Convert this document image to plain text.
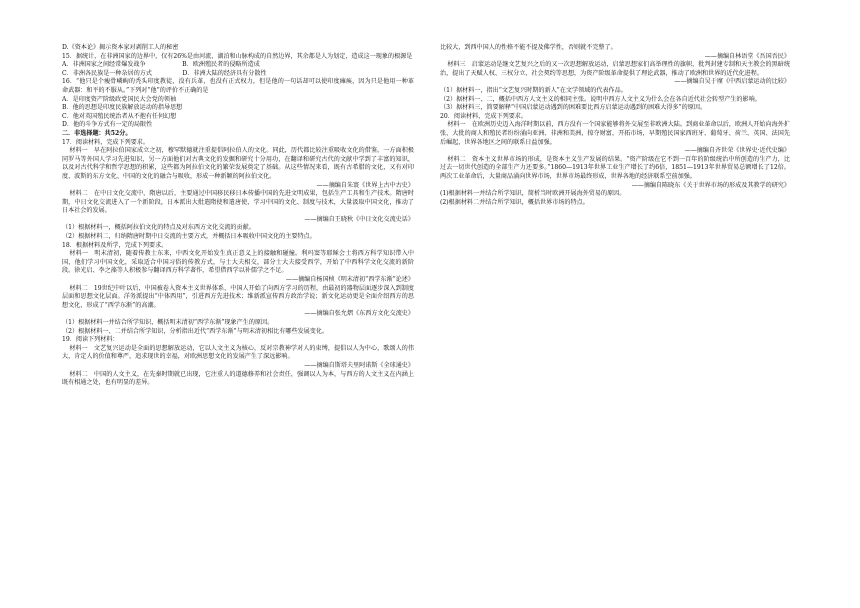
D.《资本论》揭示资本家对剥削工人的秘密

15．据统计，在非洲国家的边界中，仅有26%是由河流、湖泊和山脉构成的自然边界，其余都是人为划定，造成这一现象的根源是

A．非洲国家之间经常爆发战争　　　　　　B．欧洲殖民者的侵略所造成

C．非洲各民族是一种杂居的方式　　　　　D．非洲大陆的经济具有分散性

16．“他只是个瘦骨嶙峋的秃头印度教徒，没有兵革，也没有正式权力，但是他的一句话却可以使印度瘫痪，因为只是他用一种革命武器：和平的不服从。”下列对“他”的评价不正确的是

A．是印度资产阶级政党国民大会党的领袖

B．他的思想是印度民族解放运动的指导思想

C．他对英国殖民统治者从不抱有任何幻想

D．他的斗争方式有一定的局限性

二．非选择题：共52分。

17．阅读材料，完成下列要求。

材料一　早在阿拉伯国家成立之初，穆罕默德就注重提倡阿拉伯人的文化。同此，历代都比较注重吸收文化的借鉴。一方面积极同罗马等外国人学习先进知识，另一方面他们对古典文化的发掘和研究十分用功，在翻译和研究古代的文献中学到了丰富的知识，以及对古代科学和哲学思想的积累，这些都为阿拉伯文化的繁荣发展奠定了基础。从这些情况来看，既有古希腊的文化，又有对印度、波斯的东方文化、中国的文化的融合与吸收，形成一种新颖的阿拉伯文化。

——摘编自朱寰《世界上古中古史》

材料二　在中日文化交流中，隋唐以后，主要通过中国移民移日本传播中国的先进文明成果，包括生产工具和生产技术。隋唐时期，中日文化交流进入了一个新阶段，日本派出大批遣隋使和遣唐使，学习中国的文化、制度与技术，大量汲取中国文化，推动了日本社会的发展。

——摘编自王晓秋《中日文化交流史话》

（1）根据材料一，概括阿拉伯文化的特点及对东西方文化交流的贡献。

（2）根据材料二，归纳隋唐时期中日交流的主要方式，并概括日本吸收中国文化的主要特点。

18．根据材料及所学，完成下列要求。

材料一　明末清初，随着传教士东来，中西文化开始发生真正意义上的接触和碰撞。利玛窦等耶稣会士将西方科学知识带入中国，他们学习中国文化，采取适合中国习俗的传教方式，与士大夫相交，部分士大夫接受西学，开始了中西科学文化交流的新阶段。徐光启、李之藻等人积极参与翻译西方科学著作，希望借西学以补儒学之不足。

——摘编自杨国桢《明末清初“西学东渐”论述》

材料二　19世纪中叶以后，中国被卷入资本主义世界体系，中国人开始了向西方学习的历程，由最初的器物层面逐步深入到制度层面和思想文化层面。洋务派提出“中体西用”，引进西方先进技术；维新派宣传西方政治学说；新文化运动更是全面介绍西方的思想文化，形成了“西学东渐”的高潮。

——摘编自张允熠《东西方文化交流史》

（1）根据材料一并结合所学知识，概括明末清初“西学东渐”现象产生的原因。

（2）根据材料一、二并结合所学知识，分析指出近代“西学东渐”与明末清初相比有哪些发展变化。

19．阅读下列材料：

材料一　文艺复兴运动是全面的思想解放运动，它以人文主义为核心，反对宗教神学对人的束缚，提倡以人为中心，歌颂人的伟大，肯定人的价值和尊严，追求现世的幸福，对欧洲思想文化的发展产生了深远影响。

——摘编自斯塔夫里阿诺斯《全球通史》

材料二　中国的人文主义，在先秦时期就已出现，它注重人的道德修养和社会责任，强调以人为本，与西方的人文主义在内涵上既有相通之处，也有明显的差异。

比较大，到西中国人的性格不能不提及佛学性，否则就不完整了。

——摘编自林语堂《吾国吾民》

材料三　启蒙运动是继文艺复兴之后的又一次思想解放运动，启蒙思想家们高举理性的旗帜，批判封建专制和天主教会的黑暗统治，提出了天赋人权、三权分立、社会契约等思想，为资产阶级革命提供了理论武器，推动了欧洲和世界的近代化进程。

——摘编自吴于廑《中西启蒙运动的比较》

（1）据材料一，指出“文艺复兴时期的新人”在文学领域的代表作品。

（2）据材料一、二，概括中西方人文主义的相同主张。说明中西方人文主义为什么会在各自近代社会转型产生的影响。

（3）据材料三，简要解释“中国启蒙运动遇到的困难要比西方启蒙运动遇到的困难大得多”的原因。

20．阅读材料，完成下列要求。

材料一　在欧洲历史迈入海洋时期以前，西方没有一个国家能够将外交展至非欧洲大陆。到商业革命以后，欧洲人开始向海外扩张，大批的商人和殖民者纷纷涌向亚洲、非洲和美洲，掠夺财富，开拓市场，早期殖民国家西班牙、葡萄牙、荷兰、英国、法国先后崛起，世界各地区之间的联系日益加强。

——摘编自齐世荣《世界史·近代史编》

材料二　资本主义世界市场的形成，是资本主义生产发展的结果。“资产阶级在它不到一百年的阶级统治中所创造的生产力，比过去一切世代创造的全部生产力还要多。”1860—1913年世界工业生产增长了约6倍，1851—1913年世界贸易总额增长了12倍。两次工业革命后，大量商品涌向世界市场，世界市场最终形成，世界各地的经济联系空前加强。

——摘编自陈晓东《关于世界市场的形成及其教学的研究》

(1)根据材料一并结合所学知识，简析当时欧洲开展海外贸易的原因。

(2)根据材料二并结合所学知识，概括世界市场的特点。
